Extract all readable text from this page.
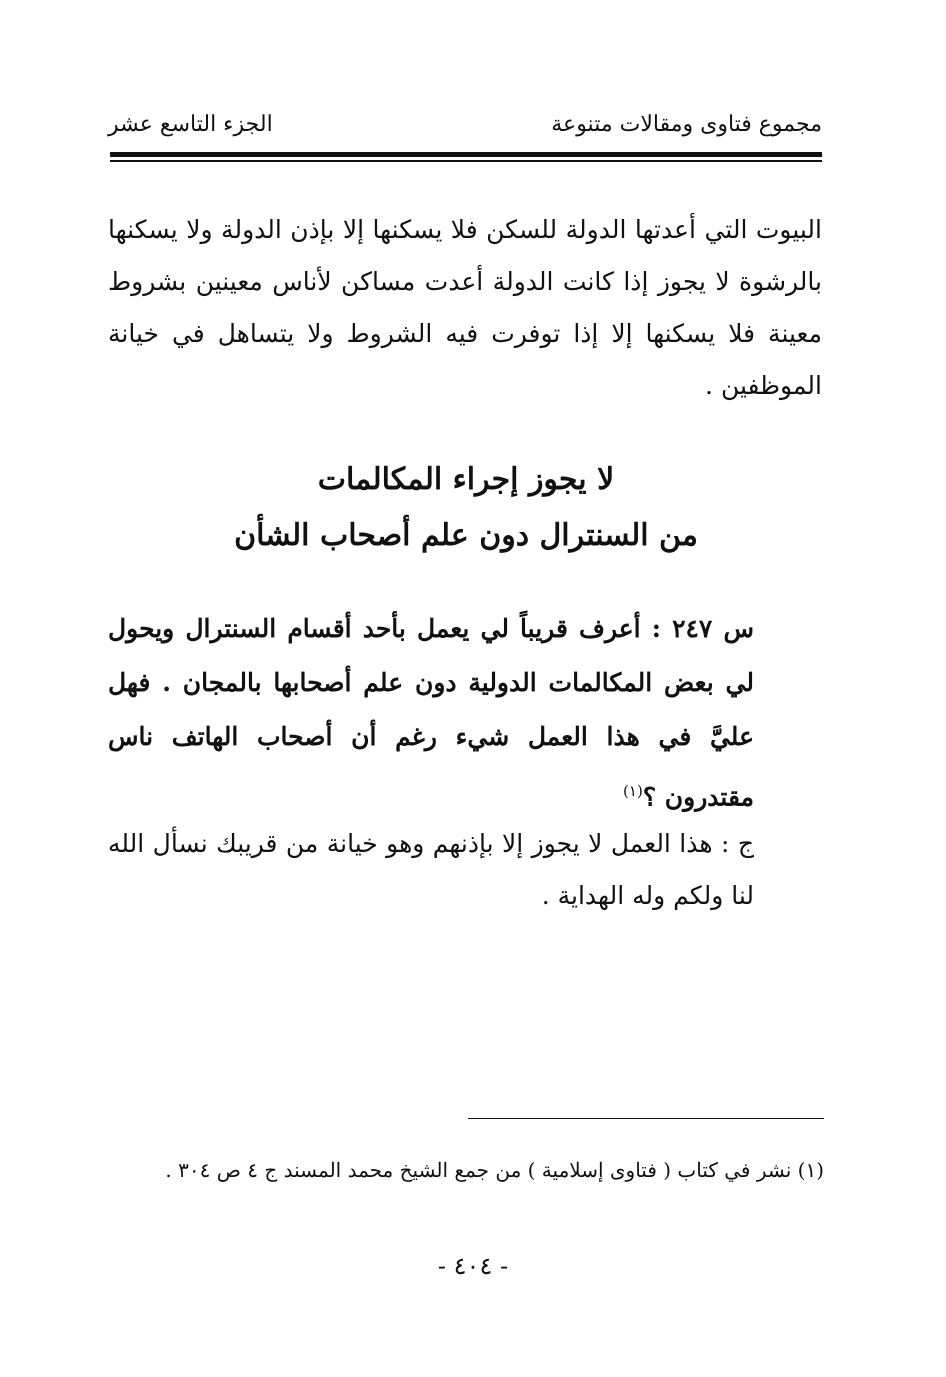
مجموع فتاوى ومقالات متنوعة
الجزء التاسع عشر
البيوت التي أعدتها الدولة للسكن فلا يسكنها إلا بإذن الدولة ولا يسكنها بالرشوة لا يجوز إذا كانت الدولة أعدت مساكن لأناس معينين بشروط معينة فلا يسكنها إلا إذا توفرت فيه الشروط ولا يتساهل في خيانة الموظفين .
لا يجوز إجراء المكالمات
من السنترال دون علم أصحاب الشأن
س ٢٤٧ : أعرف قريباً لي يعمل بأحد أقسام السنترال ويحول لي بعض المكالمات الدولية دون علم أصحابها بالمجان . فهل عليَّ في هذا العمل شيء رغم أن أصحاب الهاتف ناس مقتدرون ؟$^{(١)}$
ج : هذا العمل لا يجوز إلا بإذنهم وهو خيانة من قريبك نسأل الله لنا ولكم وله الهداية .
(١) نشر في كتاب ( فتاوى إسلامية ) من جمع الشيخ محمد المسند ج ٤ ص ٣٠٤ .
- ٤٠٤ -
